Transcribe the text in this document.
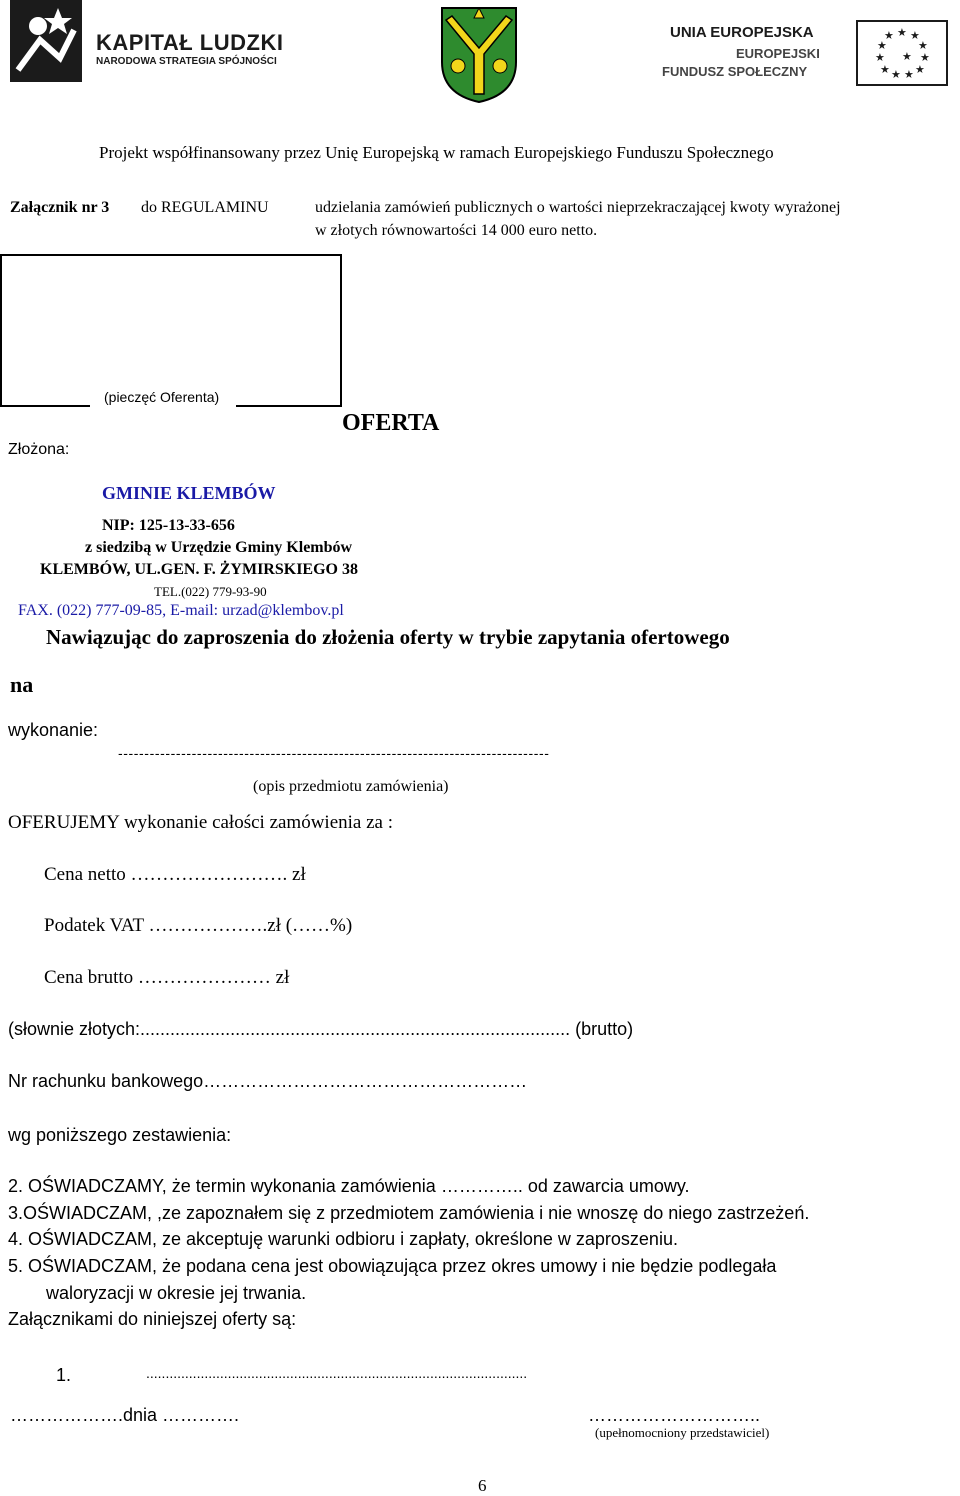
KAPITAŁ LUDZKI
NARODOWA STRATEGIA SPÓJNOŚCI
UNIA EUROPEJSKA
EUROPEJSKI
FUNDUSZ SPOŁECZNY
★ ★
★
★
★
★
★
★
★
★
★
★
Projekt współfinansowany przez Unię Europejską w ramach Europejskiego Funduszu Społecznego
Załącznik nr 3 do REGULAMINU	udzielania zamówień publicznych o wartości nieprzekraczającej kwoty wyrażonej
w złotych równowartości 14 000 euro netto.
(pieczęć Oferenta)
Złożona:
OFERTA
GMINIE KLEMBÓW
NIP: 125-13-33-656
z siedzibą w Urzędzie Gminy Klembów
KLEMBÓW, UL.GEN. F. ŻYMIRSKIEGO 38
TEL.(022) 779-93-90
FAX. (022) 777-09-85, E-mail: urzad@klembov.pl
Nawiązując do zaproszenia do złożenia oferty w trybie zapytania ofertowego
na
wykonanie:
----------------------------------------------------------------------------------
(opis przedmiotu zamówienia)
OFERUJEMY wykonanie całości zamówienia za :
Cena netto ……………………. zł
Podatek VAT ……………….zł (……%)
Cena brutto ………………… zł
(słownie złotych:...................................................................................... (brutto)
Nr rachunku bankowego………………………………………………
wg poniższego zestawienia:
2. OŚWIADCZAMY, że termin wykonania zamówienia ………….. od zawarcia umowy.
3.OŚWIADCZAM, ,ze zapoznałem się z przedmiotem zamówienia i nie wnoszę do niego zastrzeżeń.
4. OŚWIADCZAM, ze akceptuję warunki odbioru i zapłaty, określone w zaproszeniu.
5. OŚWIADCZAM, że podana cena jest obowiązująca przez okres umowy i nie będzie podlegała
waloryzacji w okresie jej trwania.
Załącznikami do niniejszej oferty są:
1.	..................................................................................................
……………….dnia ………….	………………………..
(upełnomocniony przedstawiciel)
6
